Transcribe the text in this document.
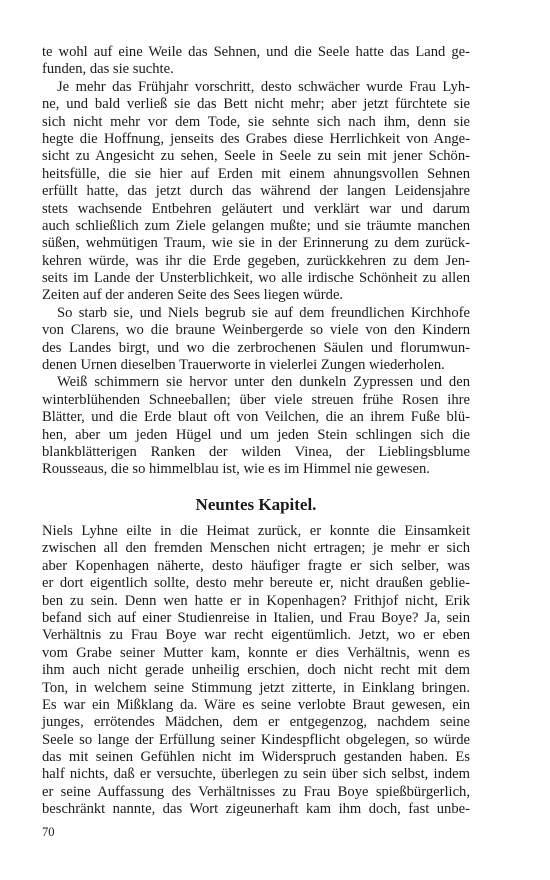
te wohl auf eine Weile das Sehnen, und die Seele hatte das Land ge-
funden, das sie suchte.
Je mehr das Frühjahr vorschritt, desto schwächer wurde Frau Lyh-
ne, und bald verließ sie das Bett nicht mehr; aber jetzt fürchtete sie
sich nicht mehr vor dem Tode, sie sehnte sich nach ihm, denn sie
hegte die Hoffnung, jenseits des Grabes diese Herrlichkeit von Ange-
sicht zu Angesicht zu sehen, Seele in Seele zu sein mit jener Schön-
heitsfülle, die sie hier auf Erden mit einem ahnungsvollen Sehnen
erfüllt hatte, das jetzt durch das während der langen Leidensjahre
stets wachsende Entbehren geläutert und verklärt war und darum
auch schließlich zum Ziele gelangen mußte; und sie träumte manchen
süßen, wehmütigen Traum, wie sie in der Erinnerung zu dem zurück-
kehren würde, was ihr die Erde gegeben, zurückkehren zu dem Jen-
seits im Lande der Unsterblichkeit, wo alle irdische Schönheit zu allen
Zeiten auf der anderen Seite des Sees liegen würde.
So starb sie, und Niels begrub sie auf dem freundlichen Kirchhofe
von Clarens, wo die braune Weinbergerde so viele von den Kindern
des Landes birgt, und wo die zerbrochenen Säulen und florumwun-
denen Urnen dieselben Trauerworte in vielerlei Zungen wiederholen.
Weiß schimmern sie hervor unter den dunkeln Zypressen und den
winterblühenden Schneeballen; über viele streuen frühe Rosen ihre
Blätter, und die Erde blaut oft von Veilchen, die an ihrem Fuße blü-
hen, aber um jeden Hügel und um jeden Stein schlingen sich die
blankblätterigen Ranken der wilden Vinea, der Lieblingsblume
Rousseaus, die so himmelblau ist, wie es im Himmel nie gewesen.
Neuntes Kapitel.
Niels Lyhne eilte in die Heimat zurück, er konnte die Einsamkeit
zwischen all den fremden Menschen nicht ertragen; je mehr er sich
aber Kopenhagen näherte, desto häufiger fragte er sich selber, was
er dort eigentlich sollte, desto mehr bereute er, nicht draußen geblie-
ben zu sein. Denn wen hatte er in Kopenhagen? Frithjof nicht, Erik
befand sich auf einer Studienreise in Italien, und Frau Boye? Ja, sein
Verhältnis zu Frau Boye war recht eigentümlich. Jetzt, wo er eben
vom Grabe seiner Mutter kam, konnte er dies Verhältnis, wenn es
ihm auch nicht gerade unheilig erschien, doch nicht recht mit dem
Ton, in welchem seine Stimmung jetzt zitterte, in Einklang bringen.
Es war ein Mißklang da. Wäre es seine verlobte Braut gewesen, ein
junges, errötendes Mädchen, dem er entgegenzog, nachdem seine
Seele so lange der Erfüllung seiner Kindespflicht obgelegen, so würde
das mit seinen Gefühlen nicht im Widerspruch gestanden haben. Es
half nichts, daß er versuchte, überlegen zu sein über sich selbst, indem
er seine Auffassung des Verhältnisses zu Frau Boye spießbürgerlich,
beschränkt nannte, das Wort zigeunerhaft kam ihm doch, fast unbe-
70
